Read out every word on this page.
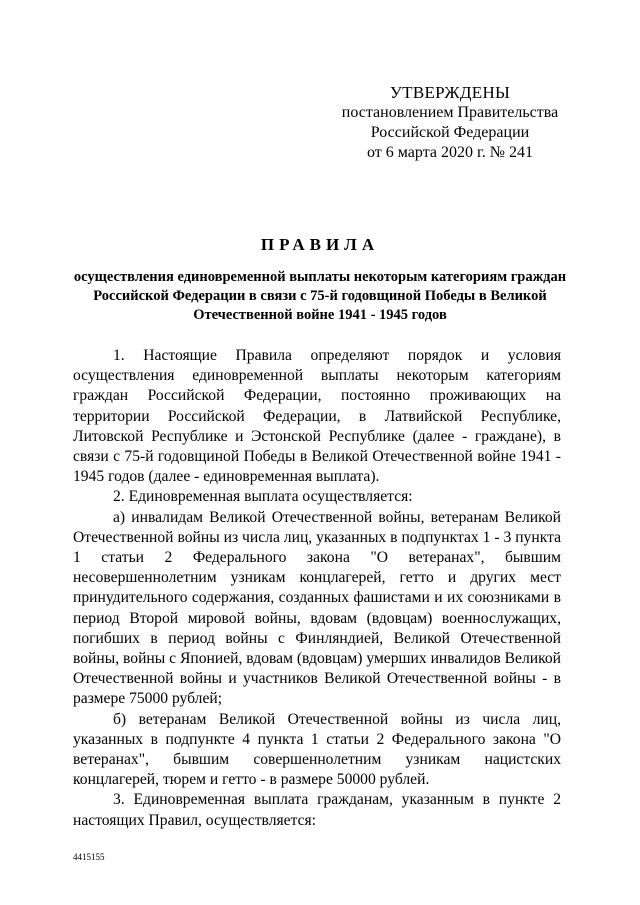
УТВЕРЖДЕНЫ
постановлением Правительства
Российской Федерации
от 6 марта 2020 г. № 241
ПРАВИЛА
осуществления единовременной выплаты некоторым категориям граждан Российской Федерации в связи с 75-й годовщиной Победы в Великой Отечественной войне 1941 - 1945 годов

1. Настоящие Правила определяют порядок и условия осуществления единовременной выплаты некоторым категориям граждан Российской Федерации, постоянно проживающих на территории Российской Федерации, в Латвийской Республике, Литовской Республике и Эстонской Республике (далее - граждане), в связи с 75-й годовщиной Победы в Великой Отечественной войне 1941 - 1945 годов (далее - единовременная выплата).

2. Единовременная выплата осуществляется:

а) инвалидам Великой Отечественной войны, ветеранам Великой Отечественной войны из числа лиц, указанных в подпунктах 1 - 3 пункта 1 статьи 2 Федерального закона "О ветеранах", бывшим несовершеннолетним узникам концлагерей, гетто и других мест принудительного содержания, созданных фашистами и их союзниками в период Второй мировой войны, вдовам (вдовцам) военнослужащих, погибших в период войны с Финляндией, Великой Отечественной войны, войны с Японией, вдовам (вдовцам) умерших инвалидов Великой Отечественной войны и участников Великой Отечественной войны - в размере 75000 рублей;

б) ветеранам Великой Отечественной войны из числа лиц, указанных в подпункте 4 пункта 1 статьи 2 Федерального закона "О ветеранах", бывшим совершеннолетним узникам нацистских концлагерей, тюрем и гетто - в размере 50000 рублей.

3. Единовременная выплата гражданам, указанным в пункте 2 настоящих Правил, осуществляется:

4415155
